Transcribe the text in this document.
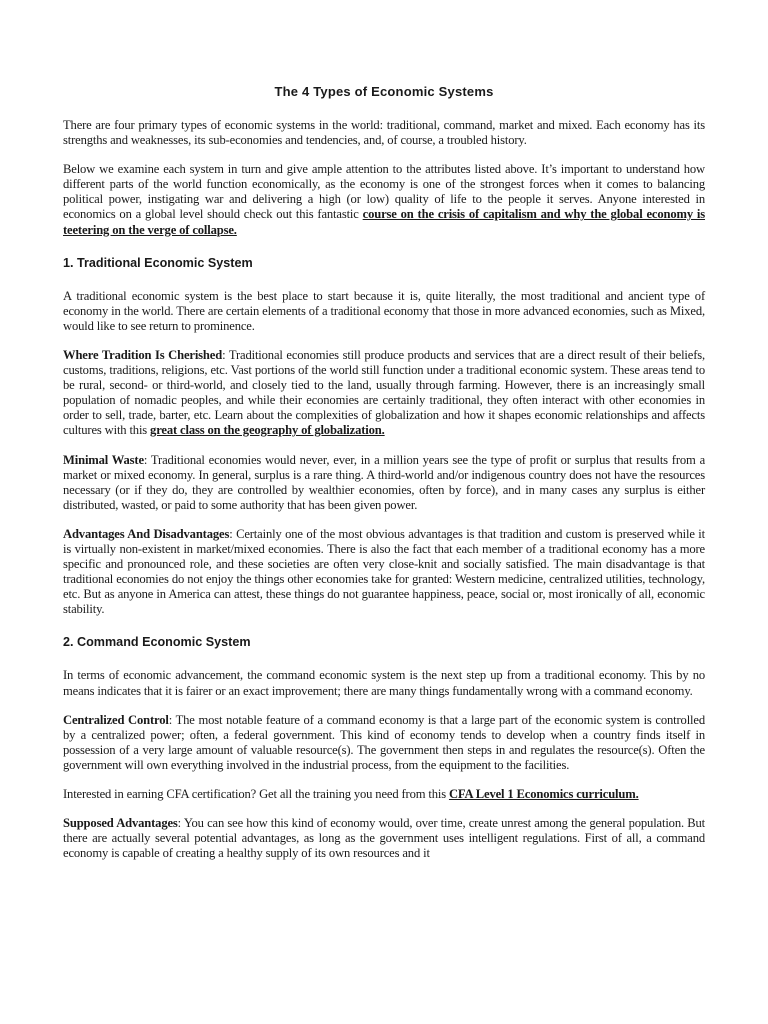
The 4 Types of Economic Systems

There are four primary types of economic systems in the world: traditional, command, market and mixed. Each economy has its strengths and weaknesses, its sub-economies and tendencies, and, of course, a troubled history.

Below we examine each system in turn and give ample attention to the attributes listed above. It’s important to understand how different parts of the world function economically, as the economy is one of the strongest forces when it comes to balancing political power, instigating war and delivering a high (or low) quality of life to the people it serves. Anyone interested in economics on a global level should check out this fantastic course on the crisis of capitalism and why the global economy is teetering on the verge of collapse.

1. Traditional Economic System

A traditional economic system is the best place to start because it is, quite literally, the most traditional and ancient type of economy in the world. There are certain elements of a traditional economy that those in more advanced economies, such as Mixed, would like to see return to prominence.

Where Tradition Is Cherished: Traditional economies still produce products and services that are a direct result of their beliefs, customs, traditions, religions, etc. Vast portions of the world still function under a traditional economic system. These areas tend to be rural, second- or third-world, and closely tied to the land, usually through farming. However, there is an increasingly small population of nomadic peoples, and while their economies are certainly traditional, they often interact with other economies in order to sell, trade, barter, etc. Learn about the complexities of globalization and how it shapes economic relationships and affects cultures with this great class on the geography of globalization.

Minimal Waste: Traditional economies would never, ever, in a million years see the type of profit or surplus that results from a market or mixed economy. In general, surplus is a rare thing. A third-world and/or indigenous country does not have the resources necessary (or if they do, they are controlled by wealthier economies, often by force), and in many cases any surplus is either distributed, wasted, or paid to some authority that has been given power.

Advantages And Disadvantages: Certainly one of the most obvious advantages is that tradition and custom is preserved while it is virtually non-existent in market/mixed economies. There is also the fact that each member of a traditional economy has a more specific and pronounced role, and these societies are often very close-knit and socially satisfied. The main disadvantage is that traditional economies do not enjoy the things other economies take for granted: Western medicine, centralized utilities, technology, etc. But as anyone in America can attest, these things do not guarantee happiness, peace, social or, most ironically of all, economic stability.

2. Command Economic System

In terms of economic advancement, the command economic system is the next step up from a traditional economy. This by no means indicates that it is fairer or an exact improvement; there are many things fundamentally wrong with a command economy.

Centralized Control: The most notable feature of a command economy is that a large part of the economic system is controlled by a centralized power; often, a federal government. This kind of economy tends to develop when a country finds itself in possession of a very large amount of valuable resource(s). The government then steps in and regulates the resource(s). Often the government will own everything involved in the industrial process, from the equipment to the facilities.

Interested in earning CFA certification? Get all the training you need from this CFA Level 1 Economics curriculum.

Supposed Advantages: You can see how this kind of economy would, over time, create unrest among the general population. But there are actually several potential advantages, as long as the government uses intelligent regulations. First of all, a command economy is capable of creating a healthy supply of its own resources and it
